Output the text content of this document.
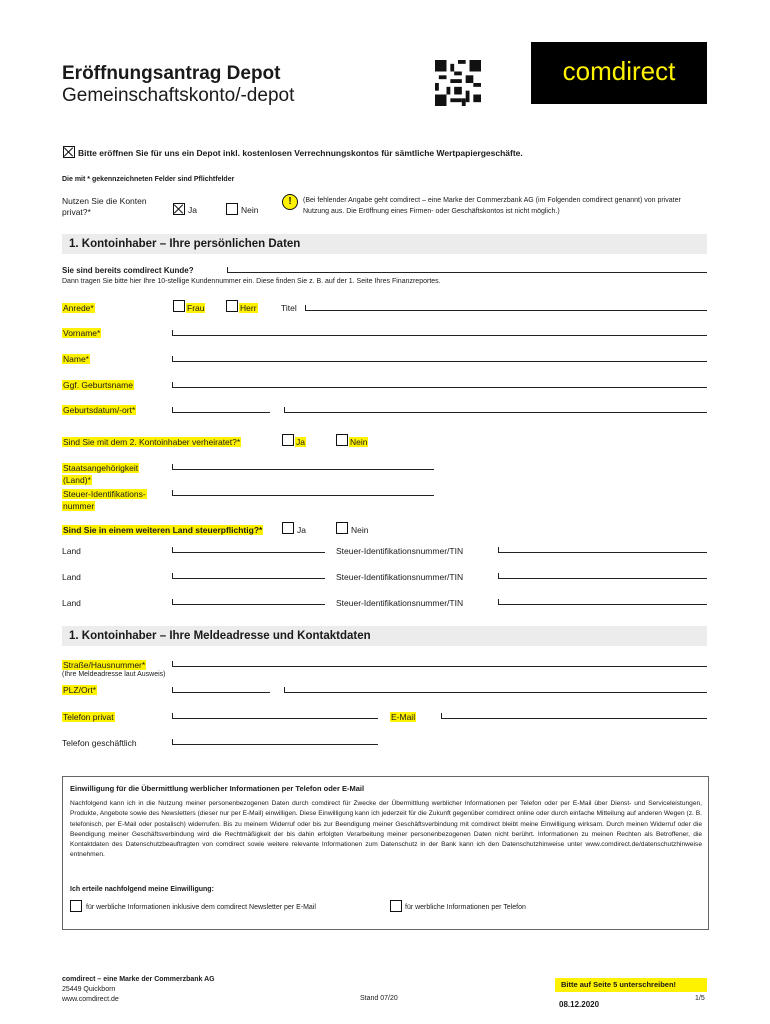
Eröffnungsantrag Depot
Gemeinschaftskonto/-depot
comdirect
Bitte eröffnen Sie für uns ein Depot inkl. kostenlosen Verrechnungskontos für sämtliche Wertpapiergeschäfte.
Die mit * gekennzeichneten Felder sind Pflichtfelder
Nutzen Sie die Konten privat?*	Ja	Nein
!	(Bei fehlender Angabe geht comdirect – eine Marke der Commerzbank AG (im Folgenden comdirect genannt) von privater Nutzung aus. Die Eröffnung eines Firmen- oder Geschäftskontos ist nicht möglich.)
1. Kontoinhaber – Ihre persönlichen Daten
Sie sind bereits comdirect Kunde?
Dann tragen Sie bitte hier Ihre 10-stellige Kundennummer ein. Diese finden Sie z. B. auf der 1. Seite Ihres Finanzreportes.
Anrede*	Frau	Herr	Titel
Vorname*
Name*
Ggf. Geburtsname
Geburtsdatum/-ort*
Sind Sie mit dem 2. Kontoinhaber verheiratet?*	Ja	Nein
Staatsangehörigkeit
(Land)*
Steuer-Identifikations-
nummer
Sind Sie in einem weiteren Land steuerpflichtig?*	Ja	Nein
Land	Steuer-Identifikationsnummer/TIN
Land	Steuer-Identifikationsnummer/TIN
Land	Steuer-Identifikationsnummer/TIN
1. Kontoinhaber – Ihre Meldeadresse und Kontaktdaten
Straße/Hausnummer*
(Ihre Meldeadresse laut Ausweis)
PLZ/Ort*
Telefon privat	E-Mail
Telefon geschäftlich
Einwilligung für die Übermittlung werblicher Informationen per Telefon oder E-Mail
Nachfolgend kann ich in die Nutzung meiner personenbezogenen Daten durch comdirect für Zwecke der Übermittlung werblicher Informationen per Telefon oder per E-Mail über Dienst- und Serviceleistungen, Produkte, Angebote sowie des Newsletters (dieser nur per E-Mail) einwilligen. Diese Einwilligung kann ich jederzeit für die Zukunft gegenüber comdirect online oder durch einfache Mitteilung auf anderen Wegen (z. B. telefonisch, per E-Mail oder postalisch) widerrufen. Bis zu meinem Widerruf oder bis zur Beendigung meiner Geschäftsverbindung mit comdirect bleibt meine Einwilligung wirksam. Durch meinen Widerruf oder die Beendigung meiner Geschäftsverbindung wird die Rechtmäßigkeit der bis dahin erfolgten Verarbeitung meiner personenbezogenen Daten nicht berührt. Informationen zu meinen Rechten als Betroffener, die Kontaktdaten des Datenschutzbeauftragten von comdirect sowie weitere relevante Informationen zum Datenschutz in der Bank kann ich den Datenschutzhinweise unter www.comdirect.de/datenschutzhinweise entnehmen.
Ich erteile nachfolgend meine Einwilligung:
für werbliche Informationen inklusive dem comdirect Newsletter per E-Mail	für werbliche Informationen per Telefon
comdirect – eine Marke der Commerzbank AG
25449 Quickborn
www.comdirect.de	Stand 07/20
Bitte auf Seite 5 unterschreiben!
08.12.2020
1/5
